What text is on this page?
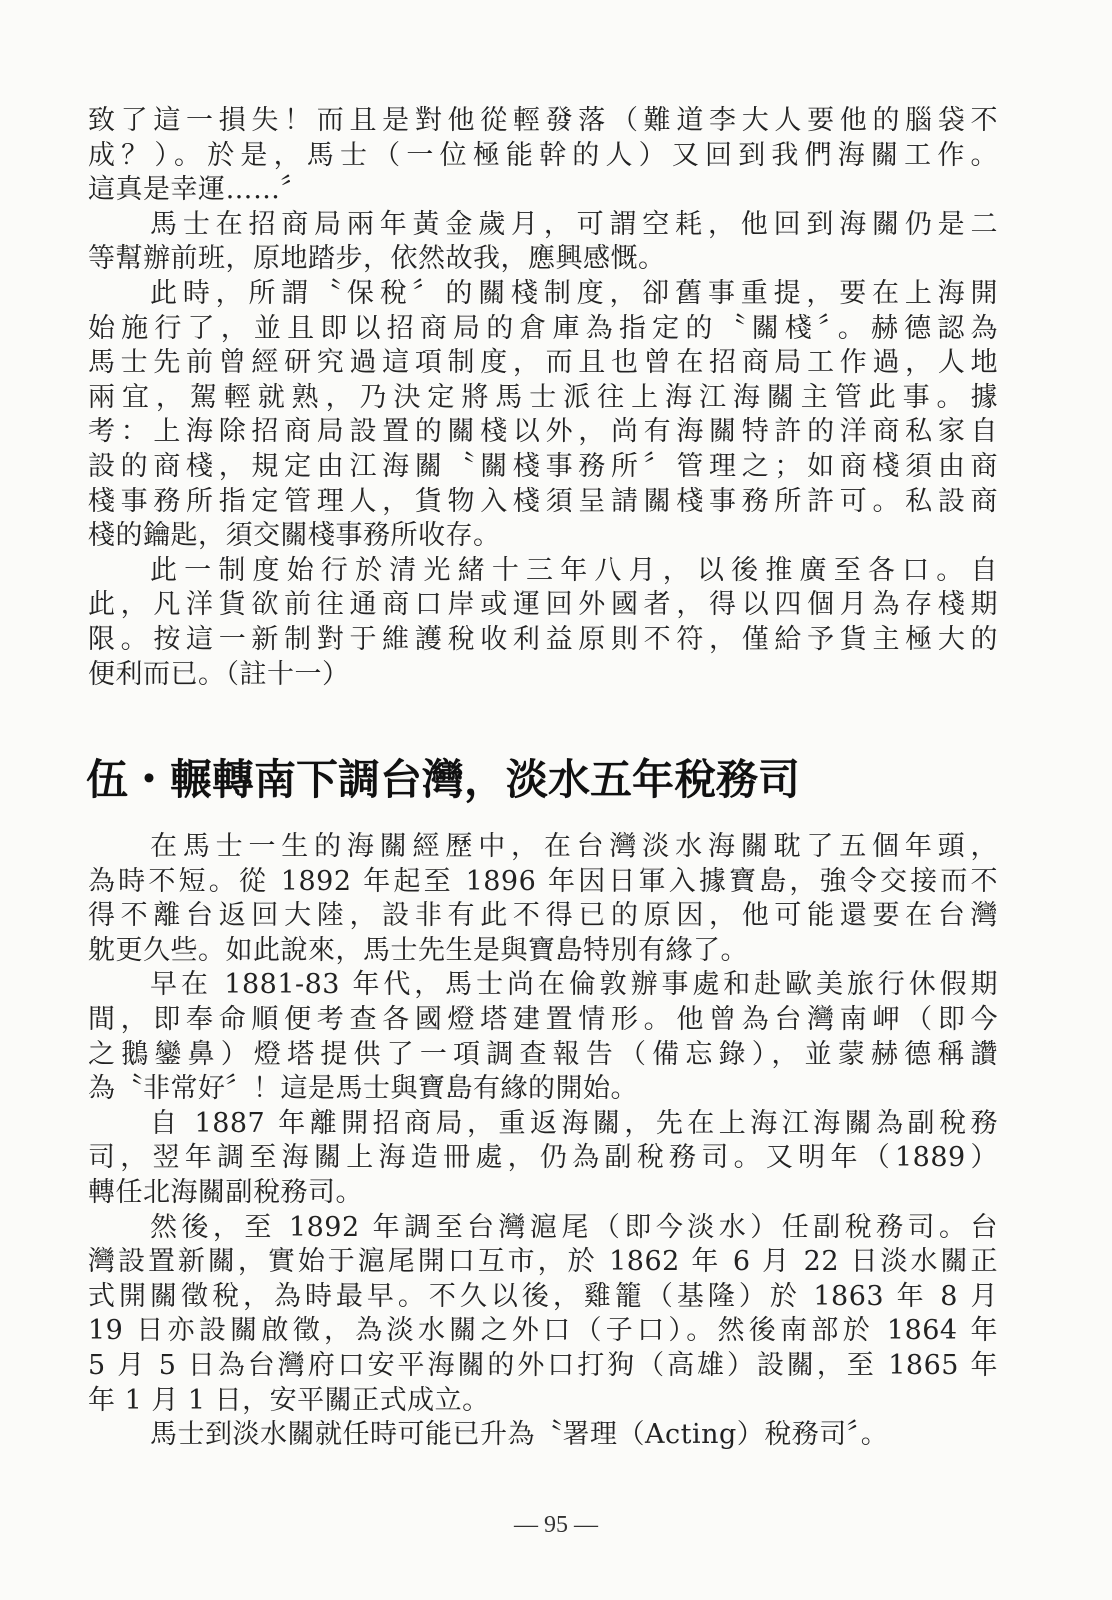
致了這一損失！而且是對他從輕發落（難道李大人要他的腦袋不
成？）。於是，馬士（一位極能幹的人）又回到我們海關工作。
這真是幸運……〞
馬士在招商局兩年黃金歲月，可謂空耗，他回到海關仍是二
等幫辦前班，原地踏步，依然故我，應興感慨。
此時，所謂〝保稅〞的關棧制度，卻舊事重提，要在上海開
始施行了，並且即以招商局的倉庫為指定的〝關棧〞。赫德認為
馬士先前曾經研究過這項制度，而且也曾在招商局工作過，人地
兩宜，駕輕就熟，乃決定將馬士派往上海江海關主管此事。據
考：上海除招商局設置的關棧以外，尚有海關特許的洋商私家自
設的商棧，規定由江海關〝關棧事務所〞管理之；如商棧須由商
棧事務所指定管理人，貨物入棧須呈請關棧事務所許可。私設商
棧的鑰匙，須交關棧事務所收存。
此一制度始行於清光緒十三年八月，以後推廣至各口。自
此，凡洋貨欲前往通商口岸或運回外國者，得以四個月為存棧期
限。按這一新制對于維護稅收利益原則不符，僅給予貨主極大的
便利而已。（註十一）
伍・輾轉南下調台灣，淡水五年稅務司
在馬士一生的海關經歷中，在台灣淡水海關耽了五個年頭，
為時不短。從 1892 年起至 1896 年因日軍入據寶島，強令交接而不
得不離台返回大陸，設非有此不得已的原因，他可能還要在台灣
躭更久些。如此說來，馬士先生是與寶島特別有緣了。
早在 1881-83 年代，馬士尚在倫敦辦事處和赴歐美旅行休假期
間，即奉命順便考查各國燈塔建置情形。他曾為台灣南岬（即今
之鵝鑾鼻）燈塔提供了一項調查報告（備忘錄），並蒙赫德稱讚
為〝非常好〞！這是馬士與寶島有緣的開始。
自 1887 年離開招商局，重返海關，先在上海江海關為副稅務
司，翌年調至海關上海造冊處，仍為副稅務司。又明年（1889）
轉任北海關副稅務司。
然後，至 1892 年調至台灣滬尾（即今淡水）任副稅務司。台
灣設置新關，實始于滬尾開口互市，於 1862 年 6 月 22 日淡水關正
式開關徵稅，為時最早。不久以後，雞籠（基隆）於 1863 年 8 月
19 日亦設關啟徵，為淡水關之外口（子口）。然後南部於 1864 年
5 月 5 日為台灣府口安平海關的外口打狗（高雄）設關，至 1865 年
年 1 月 1 日，安平關正式成立。
馬士到淡水關就任時可能已升為〝署理（Acting）稅務司〞。
— 95 —
